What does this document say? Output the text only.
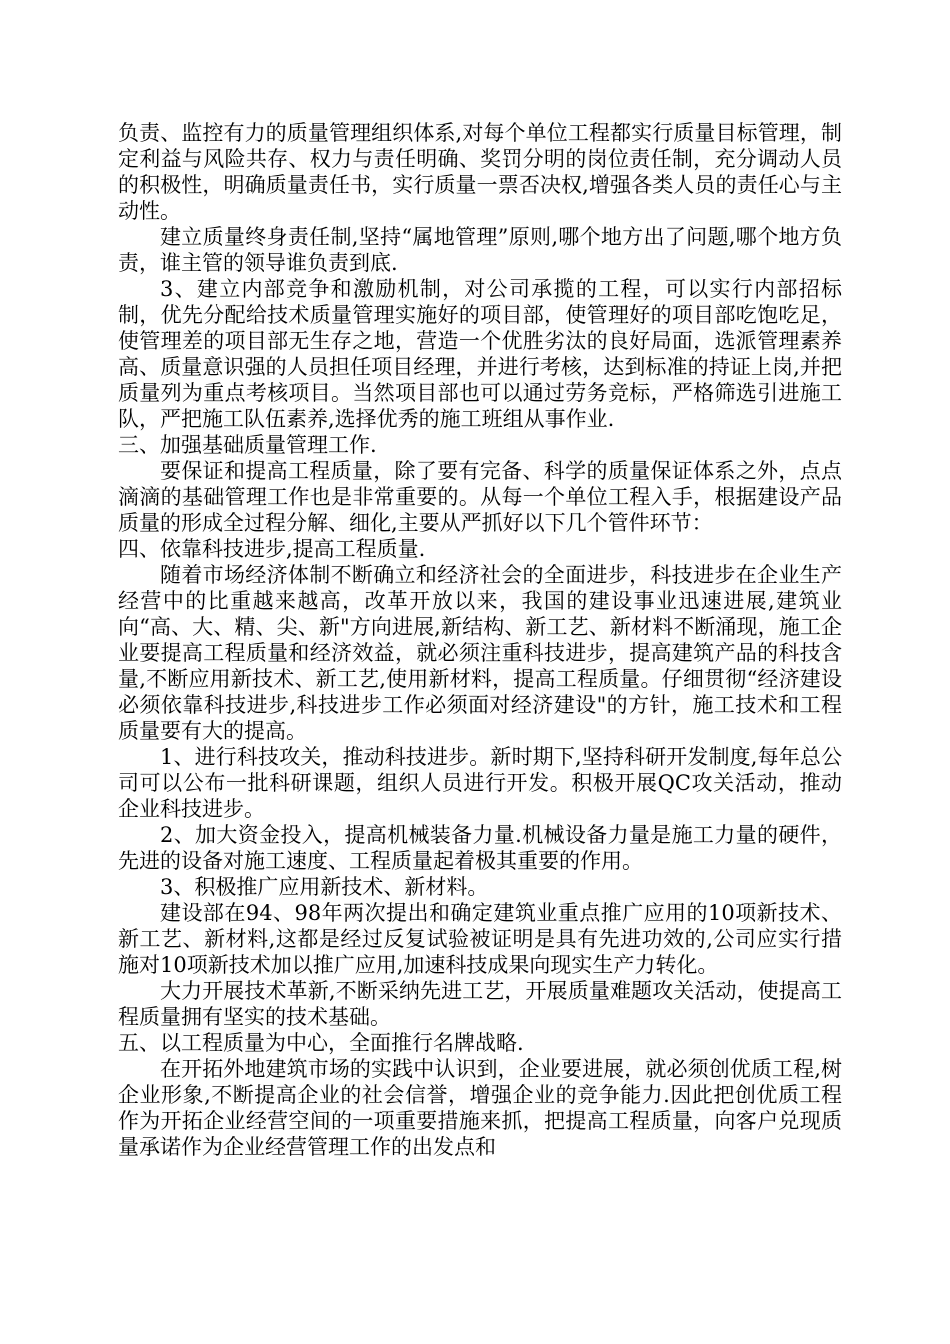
负责、监控有力的质量管理组织体系,对每个单位工程都实行质量目标管理，制定利益与风险共存、权力与责任明确、奖罚分明的岗位责任制，充分调动人员的积极性，明确质量责任书，实行质量一票否决权,增强各类人员的责任心与主动性。

建立质量终身责任制,坚持“属地管理”原则,哪个地方出了问题,哪个地方负责，谁主管的领导谁负责到底.

3、建立内部竞争和激励机制，对公司承揽的工程，可以实行内部招标制，优先分配给技术质量管理实施好的项目部，使管理好的项目部吃饱吃足，使管理差的项目部无生存之地，营造一个优胜劣汰的良好局面，选派管理素养高、质量意识强的人员担任项目经理，并进行考核，达到标准的持证上岗,并把质量列为重点考核项目。当然项目部也可以通过劳务竞标，严格筛选引进施工队，严把施工队伍素养,选择优秀的施工班组从事作业.

三、加强基础质量管理工作.

要保证和提高工程质量，除了要有完备、科学的质量保证体系之外，点点滴滴的基础管理工作也是非常重要的。从每一个单位工程入手，根据建设产品质量的形成全过程分解、细化,主要从严抓好以下几个管件环节：

四、依靠科技进步,提高工程质量.

随着市场经济体制不断确立和经济社会的全面进步，科技进步在企业生产经营中的比重越来越高，改革开放以来，我国的建设事业迅速进展,建筑业向“高、大、精、尖、新"方向进展,新结构、新工艺、新材料不断涌现，施工企业要提高工程质量和经济效益，就必须注重科技进步，提高建筑产品的科技含量,不断应用新技术、新工艺,使用新材料，提高工程质量。仔细贯彻“经济建设必须依靠科技进步,科技进步工作必须面对经济建设"的方针，施工技术和工程质量要有大的提高。

1、进行科技攻关，推动科技进步。新时期下,坚持科研开发制度,每年总公司可以公布一批科研课题，组织人员进行开发。积极开展QC攻关活动，推动企业科技进步。

2、加大资金投入，提高机械装备力量.机械设备力量是施工力量的硬件，先进的设备对施工速度、工程质量起着极其重要的作用。

3、积极推广应用新技术、新材料。

建设部在94、98年两次提出和确定建筑业重点推广应用的10项新技术、新工艺、新材料,这都是经过反复试验被证明是具有先进功效的,公司应实行措施对10项新技术加以推广应用,加速科技成果向现实生产力转化。

大力开展技术革新,不断采纳先进工艺，开展质量难题攻关活动，使提高工程质量拥有坚实的技术基础。

五、以工程质量为中心，全面推行名牌战略.

在开拓外地建筑市场的实践中认识到，企业要进展，就必须创优质工程,树企业形象,不断提高企业的社会信誉，增强企业的竞争能力.因此把创优质工程作为开拓企业经营空间的一项重要措施来抓，把提高工程质量，向客户兑现质量承诺作为企业经营管理工作的出发点和
